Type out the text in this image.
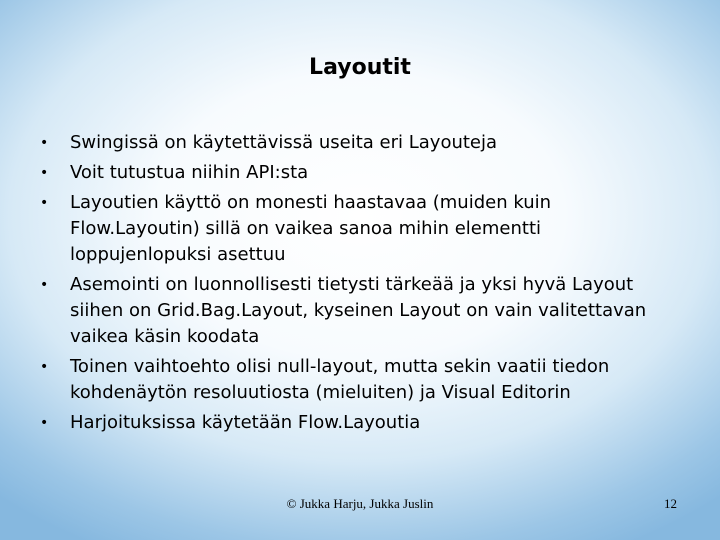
Layoutit
•	Swingissä on käytettävissä useita eri Layouteja
•	Voit tutustua niihin API:sta
•	Layoutien käyttö on monesti haastavaa (muiden kuin Flow.Layoutin) sillä on vaikea sanoa mihin elementti loppujenlopuksi asettuu
•	Asemointi on luonnollisesti tietysti tärkeää ja yksi hyvä Layout siihen on Grid.Bag.Layout, kyseinen Layout on vain valitettavan vaikea käsin koodata
•	Toinen vaihtoehto olisi null-layout, mutta sekin vaatii tiedon kohdenäytön resoluutiosta (mieluiten) ja Visual Editorin
•	Harjoituksissa käytetään Flow.Layoutia
© Jukka Harju, Jukka Juslin	12
